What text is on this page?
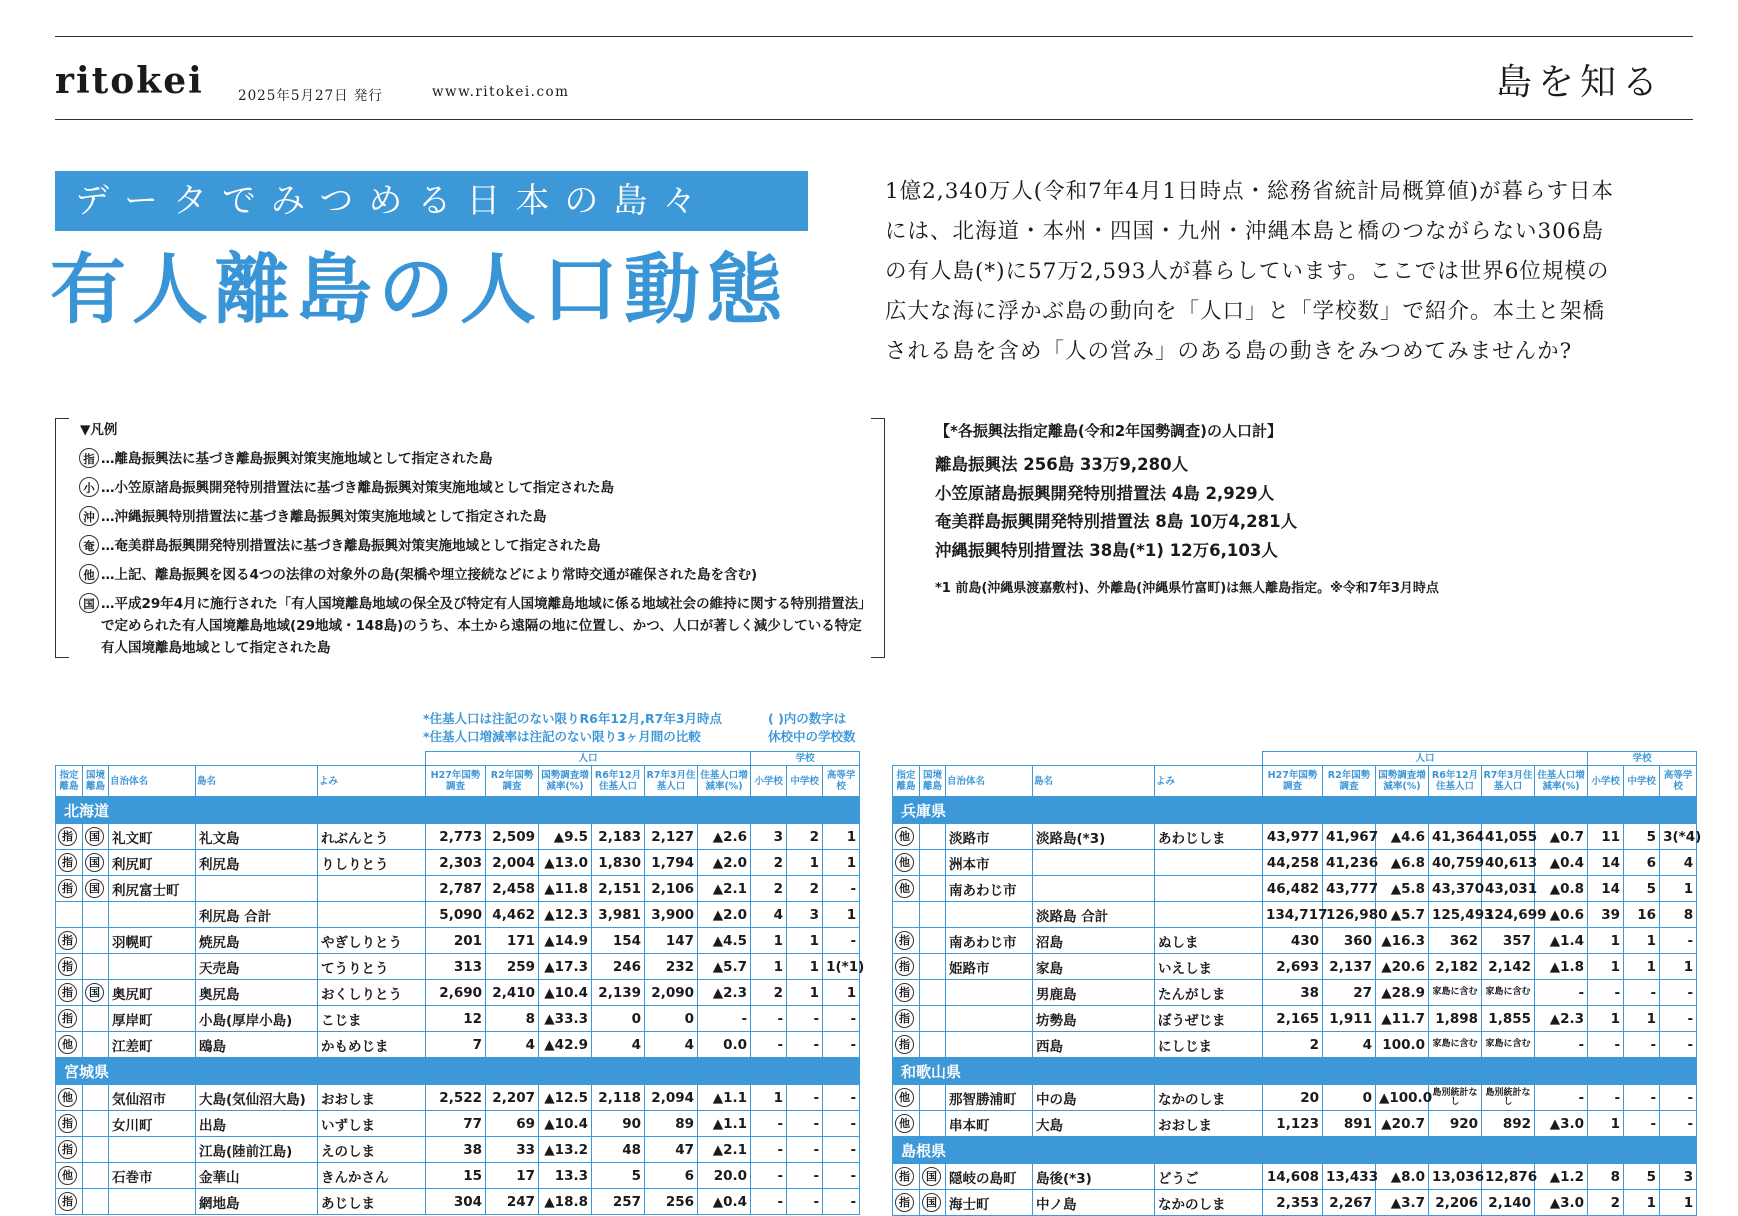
ritokei	2025年5月27日 発行	www.ritokei.com	島を知る
データでみつめる日本の島々
有人離島の人口動態
1億2,340万人(令和7年4月1日時点・総務省統計局概算値)が暮らす日本には、北海道・本州・四国・九州・沖縄本島と橋のつながらない306島の有人島(*)に57万2,593人が暮らしています。ここでは世界6位規模の広大な海に浮かぶ島の動向を「人口」と「学校数」で紹介。本土と架橋される島を含め「人の営み」のある島の動きをみつめてみませんか?
▼凡例
指 …離島振興法に基づき離島振興対策実施地域として指定された島
小 …小笠原諸島振興開発特別措置法に基づき離島振興対策実施地域として指定された島
沖 …沖縄振興特別措置法に基づき離島振興対策実施地域として指定された島
奄 …奄美群島振興開発特別措置法に基づき離島振興対策実施地域として指定された島
他 …上記、離島振興を図る4つの法律の対象外の島(架橋や埋立接続などにより常時交通が確保された島を含む)
国 …平成29年4月に施行された「有人国境離島地域の保全及び特定有人国境離島地域に係る地域社会の維持に関する特別措置法」で定められた有人国境離島地域(29地域・148島)のうち、本土から遠隔の地に位置し、かつ、人口が著しく減少している特定有人国境離島地域として指定された島
【*各振興法指定離島(令和2年国勢調査)の人口計】
離島振興法 256島 33万9,280人
小笠原諸島振興開発特別措置法 4島 2,929人
奄美群島振興開発特別措置法 8島 10万4,281人
沖縄振興特別措置法 38島(*1) 12万6,103人
*1 前島(沖縄県渡嘉敷村)、外離島(沖縄県竹富町)は無人離島指定。※令和7年3月時点
*住基人口は注記のない限りR6年12月,R7年3月時点
*住基人口増減率は注記のない限り3ヶ月間の比較
( )内の数字は
休校中の学校数
					人口						学校		
指定離島	国境離島	自治体名	島名	よみ	H27年国勢調査	R2年国勢調査	国勢調査増減率(%)	R6年12月住基人口	R7年3月住基人口	住基人口増減率(%)	小学校	中学校	高等学校
北海道													
指	国	礼文町	礼文島	れぶんとう	2,773	2,509	▲9.5	2,183	2,127	▲2.6	3	2	1
指	国	利尻町	利尻島	りしりとう	2,303	2,004	▲13.0	1,830	1,794	▲2.0	2	1	1
指	国	利尻富士町			2,787	2,458	▲11.8	2,151	2,106	▲2.1	2	2	-
			利尻島 合計		5,090	4,462	▲12.3	3,981	3,900	▲2.0	4	3	1
指		羽幌町	焼尻島	やぎしりとう	201	171	▲14.9	154	147	▲4.5	1	1	-
指			天売島	てうりとう	313	259	▲17.3	246	232	▲5.7	1	1	1(*1)
指	国	奥尻町	奥尻島	おくしりとう	2,690	2,410	▲10.4	2,139	2,090	▲2.3	2	1	1
指		厚岸町	小島(厚岸小島)	こじま	12	8	▲33.3	0	0	-	-	-	-
他		江差町	鴎島	かもめじま	7	4	▲42.9	4	4	0.0	-	-	-
宮城県													
他		気仙沼市	大島(気仙沼大島)	おおしま	2,522	2,207	▲12.5	2,118	2,094	▲1.1	1	-	-
指		女川町	出島	いずしま	77	69	▲10.4	90	89	▲1.1	-	-	-
指			江島(陸前江島)	えのしま	38	33	▲13.2	48	47	▲2.1	-	-	-
他		石巻市	金華山	きんかさん	15	17	13.3	5	6	20.0	-	-	-
指			網地島	あじしま	304	247	▲18.8	257	256	▲0.4	-	-	-
					人口						学校		
指定離島	国境離島	自治体名	島名	よみ	H27年国勢調査	R2年国勢調査	国勢調査増減率(%)	R6年12月住基人口	R7年3月住基人口	住基人口増減率(%)	小学校	中学校	高等学校
兵庫県													
他		淡路市	淡路島(*3)	あわじしま	43,977	41,967	▲4.6	41,364	41,055	▲0.7	11	5	3(*4)
他		洲本市			44,258	41,236	▲6.8	40,759	40,613	▲0.4	14	6	4
他		南あわじ市			46,482	43,777	▲5.8	43,370	43,031	▲0.8	14	5	1
			淡路島 合計		134,717	126,980	▲5.7	125,493	124,699	▲0.6	39	16	8
指		南あわじ市	沼島	ぬしま	430	360	▲16.3	362	357	▲1.4	1	1	-
指		姫路市	家島	いえしま	2,693	2,137	▲20.6	2,182	2,142	▲1.8	1	1	1
指			男鹿島	たんがしま	38	27	▲28.9	家島に含む	家島に含む	-	-	-	-
指			坊勢島	ぼうぜじま	2,165	1,911	▲11.7	1,898	1,855	▲2.3	1	1	-
指			西島	にしじま	2	4	100.0	家島に含む	家島に含む	-	-	-	-
和歌山県													
他		那智勝浦町	中の島	なかのしま	20	0	▲100.0	島別統計なし	島別統計なし	-	-	-	-
他		串本町	大島	おおしま	1,123	891	▲20.7	920	892	▲3.0	1	-	-
島根県													
指	国	隠岐の島町	島後(*3)	どうご	14,608	13,433	▲8.0	13,036	12,876	▲1.2	8	5	3
指	国	海士町	中ノ島	なかのしま	2,353	2,267	▲3.7	2,206	2,140	▲3.0	2	1	1
